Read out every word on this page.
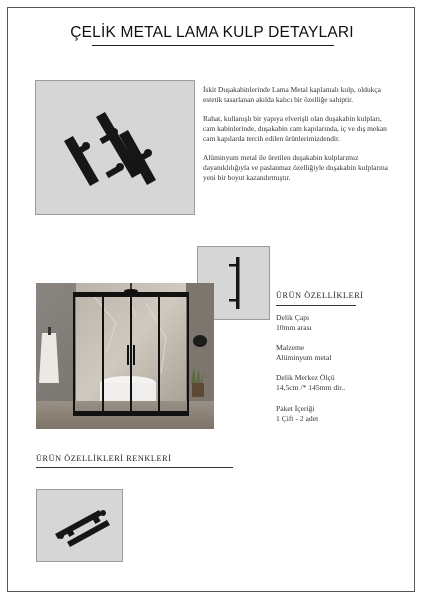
ÇELİK METAL LAMA KULP DETAYLARI

İskit Duşakabinlerinde Lama Metal kaplamalı kulp, oldukça estetik tasarlanan akılda kalıcı bir özelliğe sahiptir.

Rahat, kullanışlı bir yapıya elverişli olan duşakabin kulpları, cam kabinlerinde, duşakabin cam kapılarında, iç ve dış mekan cam kapılarda tercih edilen ürünlerimizdendir.

Alüminyum metal ile üretilen duşakabin kulplarımız dayanıklılığıyla ve paslanmaz özelliğiyle duşakabin kulplarına yeni bir boyut kazandırmıştır.

ÜRÜN ÖZELLİKLERİ
Delik Çapı
10mm arası
Malzeme
Alüminyum metal
Delik Merkez Ölçü
14,5cm /* 145mm dir..
Paket İçeriği
1 Çift - 2 adet
ÜRÜN ÖZELLİKLERİ RENKLERİ
